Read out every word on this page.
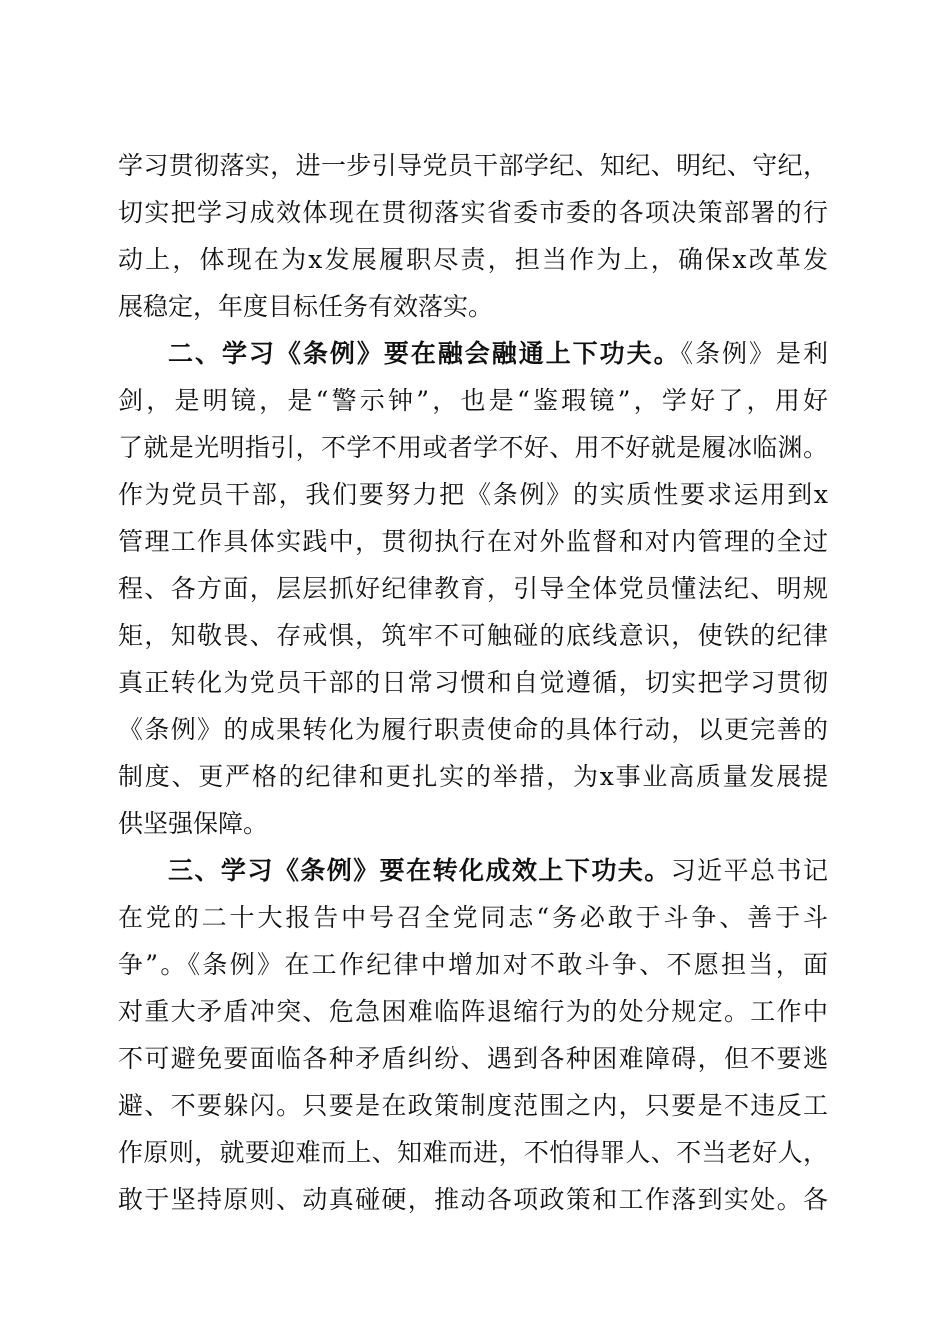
学习贯彻落实，进一步引导党员干部学纪、知纪、明纪、守纪，
切实把学习成效体现在贯彻落实省委市委的各项决策部署的行
动上，体现在为x发展履职尽责，担当作为上，确保x改革发
展稳定，年度目标任务有效落实。
二、学习《条例》要在融会融通上下功夫。《条例》是利
剑，是明镜，是“警示钟”，也是“鉴瑕镜”，学好了，用好
了就是光明指引，不学不用或者学不好、用不好就是履冰临渊。
作为党员干部，我们要努力把《条例》的实质性要求运用到x
管理工作具体实践中，贯彻执行在对外监督和对内管理的全过
程、各方面，层层抓好纪律教育，引导全体党员懂法纪、明规
矩，知敬畏、存戒惧，筑牢不可触碰的底线意识，使铁的纪律
真正转化为党员干部的日常习惯和自觉遵循，切实把学习贯彻
《条例》的成果转化为履行职责使命的具体行动，以更完善的
制度、更严格的纪律和更扎实的举措，为x事业高质量发展提
供坚强保障。
三、学习《条例》要在转化成效上下功夫。习近平总书记
在党的二十大报告中号召全党同志“务必敢于斗争、善于斗
争”。《条例》在工作纪律中增加对不敢斗争、不愿担当，面
对重大矛盾冲突、危急困难临阵退缩行为的处分规定。工作中
不可避免要面临各种矛盾纠纷、遇到各种困难障碍，但不要逃
避、不要躲闪。只要是在政策制度范围之内，只要是不违反工
作原则，就要迎难而上、知难而进，不怕得罪人、不当老好人，
敢于坚持原则、动真碰硬，推动各项政策和工作落到实处。各
